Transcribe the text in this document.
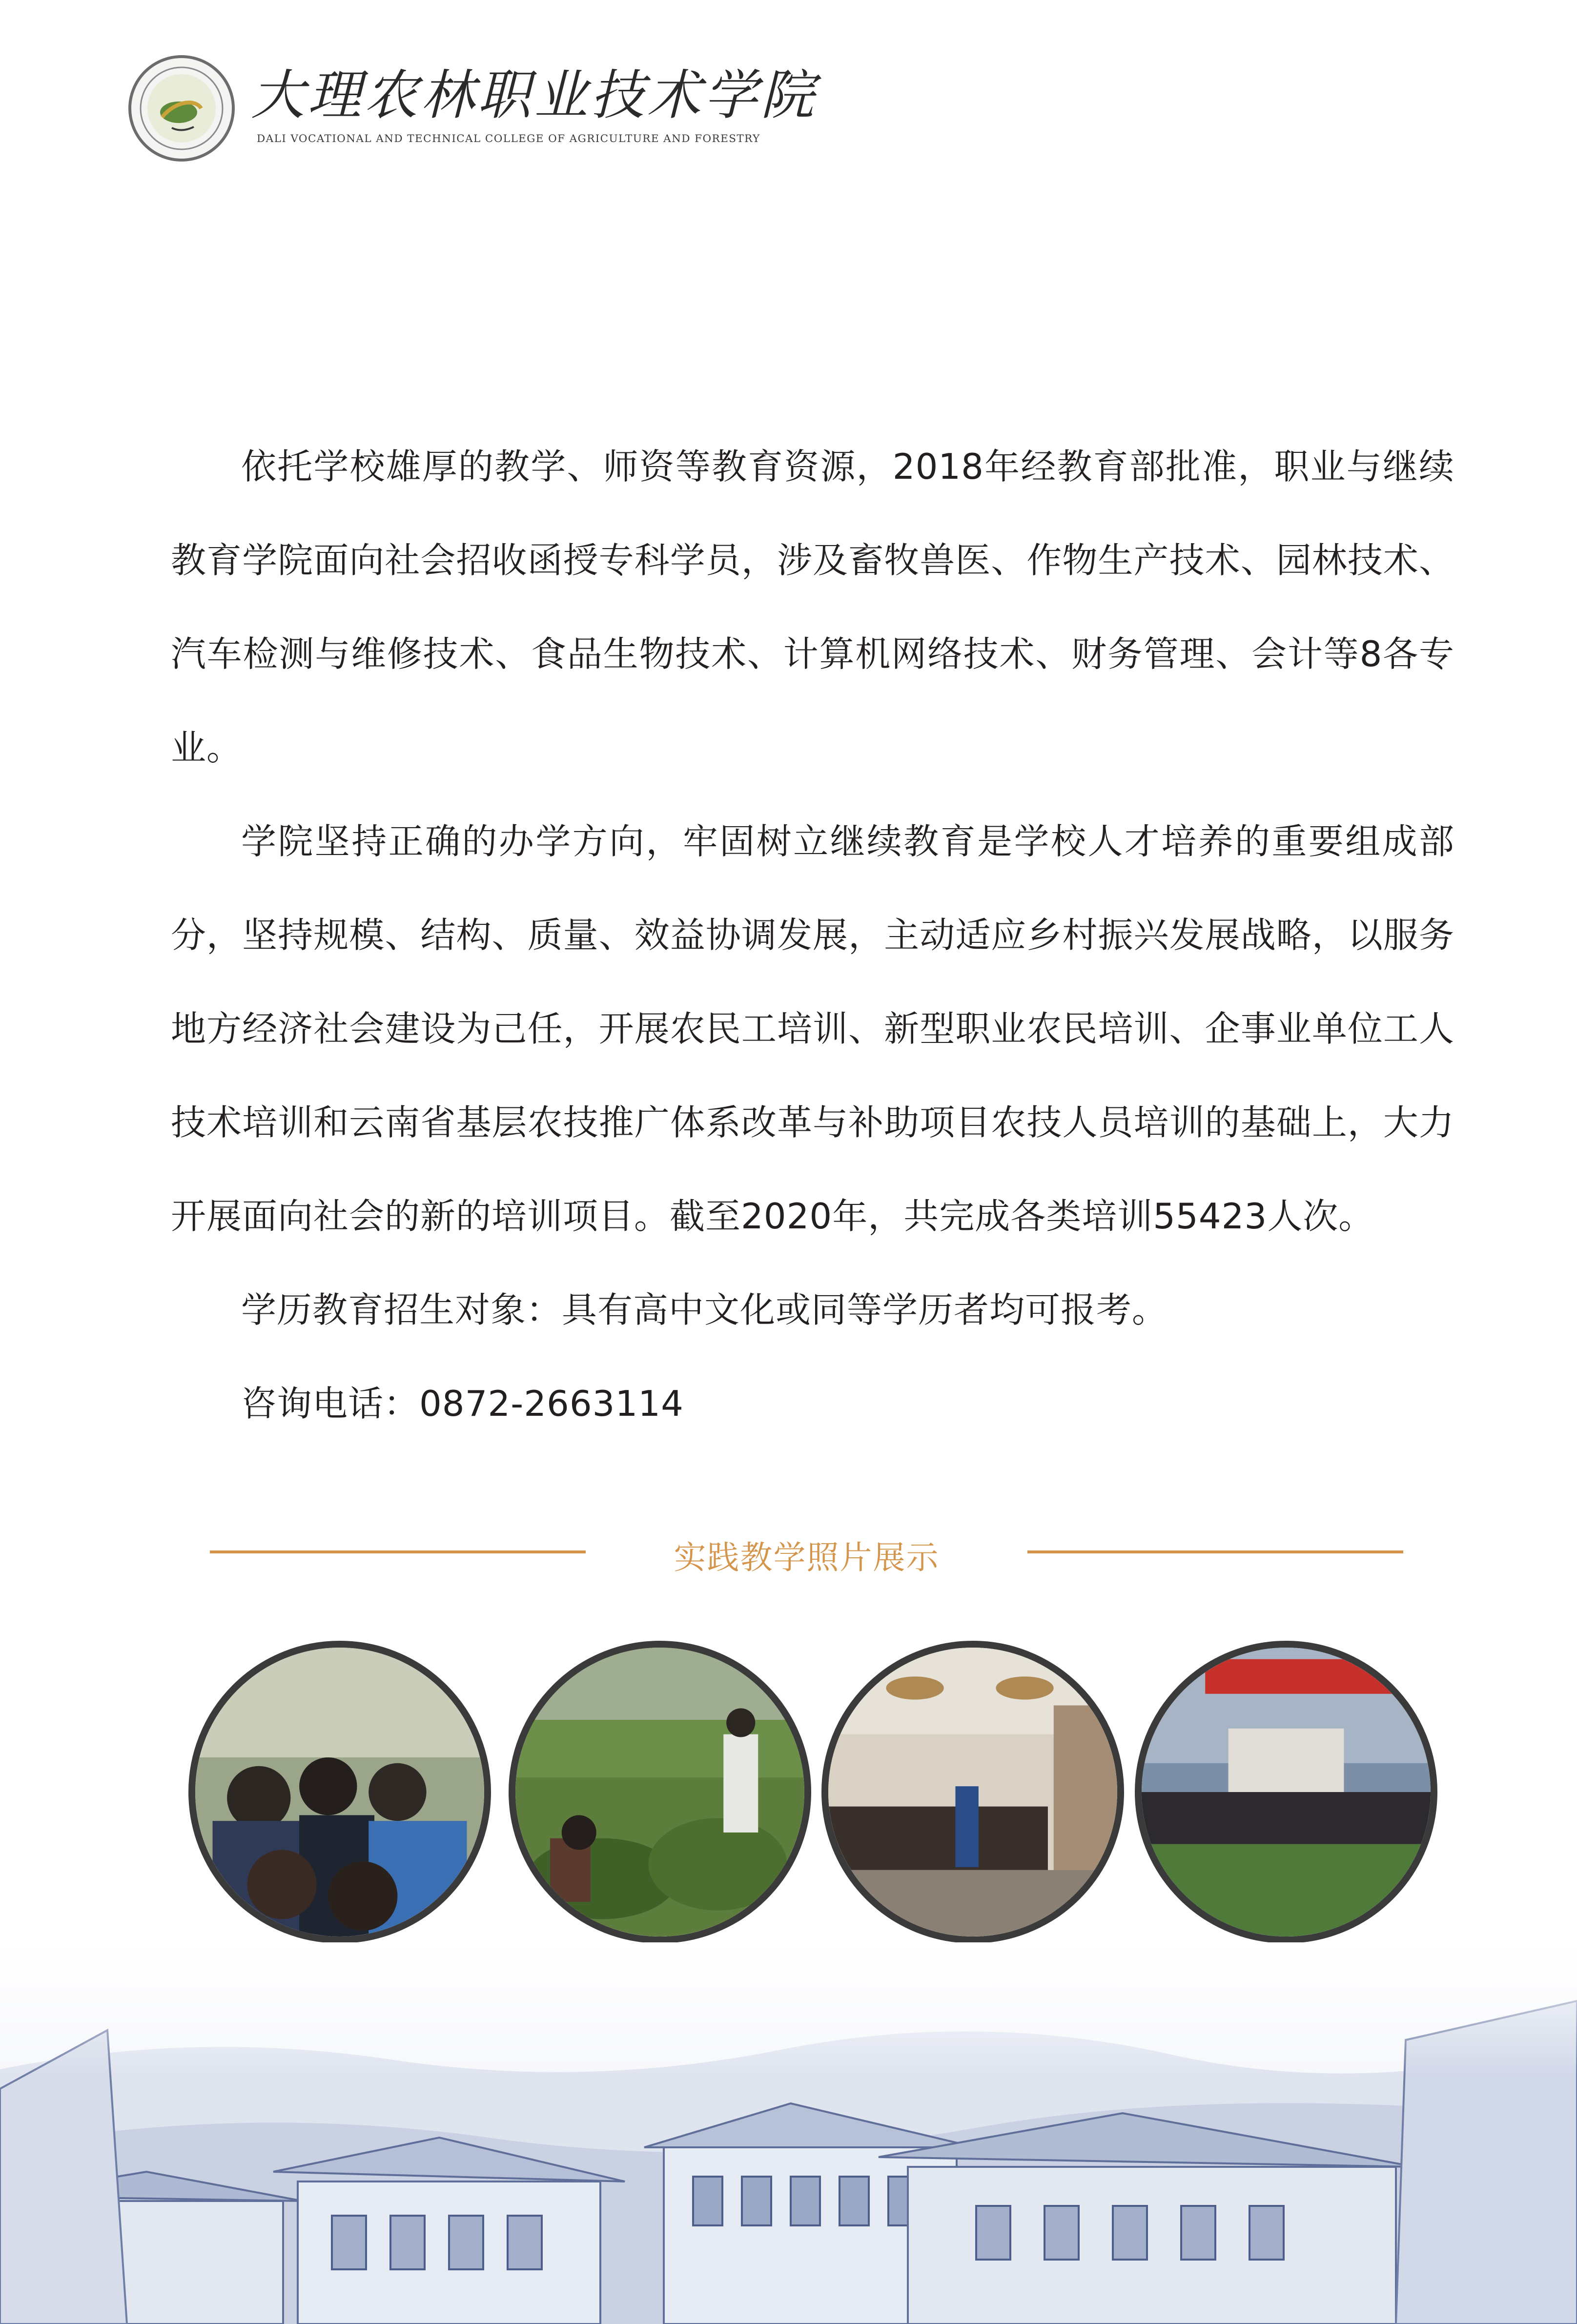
大理农林职业技术学院
DALI VOCATIONAL AND TECHNICAL COLLEGE OF AGRICULTURE AND FORESTRY

依托学校雄厚的教学、师资等教育资源，2018年经教育部批准，职业与继续教育学院面向社会招收函授专科学员，涉及畜牧兽医、作物生产技术、园林技术、汽车检测与维修技术、食品生物技术、计算机网络技术、财务管理、会计等8各专业。

学院坚持正确的办学方向，牢固树立继续教育是学校人才培养的重要组成部分，坚持规模、结构、质量、效益协调发展，主动适应乡村振兴发展战略，以服务地方经济社会建设为己任，开展农民工培训、新型职业农民培训、企事业单位工人技术培训和云南省基层农技推广体系改革与补助项目农技人员培训的基础上，大力开展面向社会的新的培训项目。截至2020年，共完成各类培训55423人次。

学历教育招生对象：具有高中文化或同等学历者均可报考。

咨询电话：0872-2663114

实践教学照片展示
